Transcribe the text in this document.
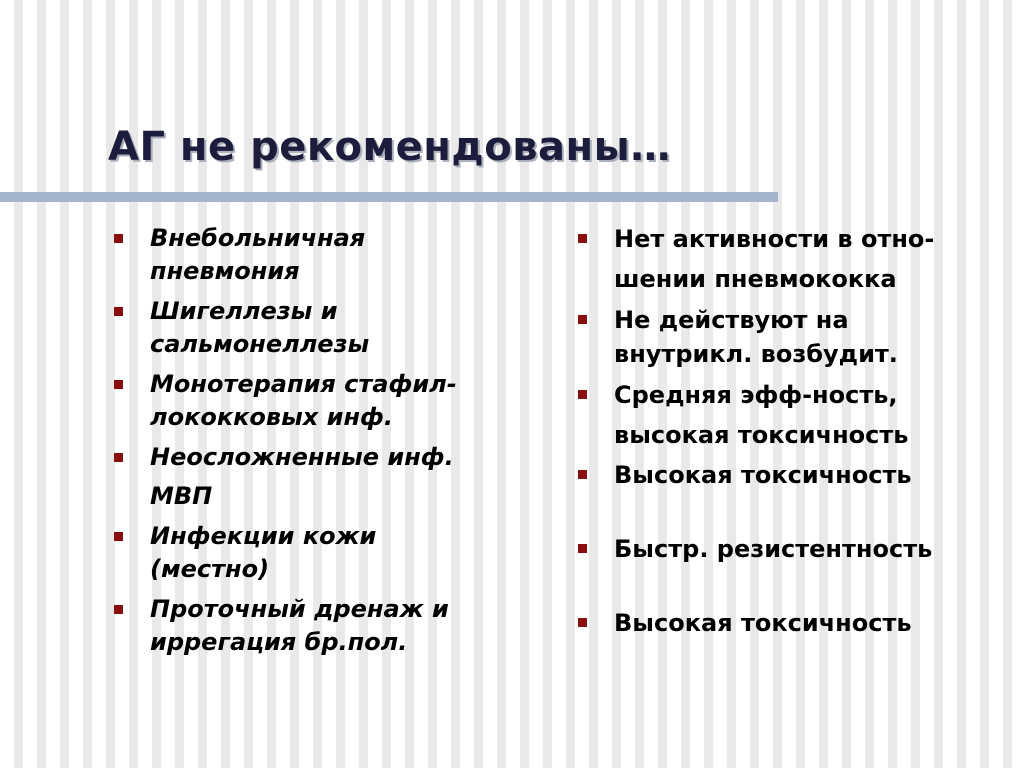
АГ не рекомендованы…
Внебольничная
пневмония
Шигеллезы и
сальмонеллезы
Монотерапия стафил-
лококковых инф.
Неосложненные инф.
МВП
Инфекции кожи
(местно)
Проточный дренаж и
иррегация бр.пол.
Нет активности в отно-
шении пневмококка
Не действуют на
внутрикл. возбудит.
Средняя эфф-ность,
высокая токсичность
Высокая токсичность
Быстр. резистентность
Высокая токсичность
